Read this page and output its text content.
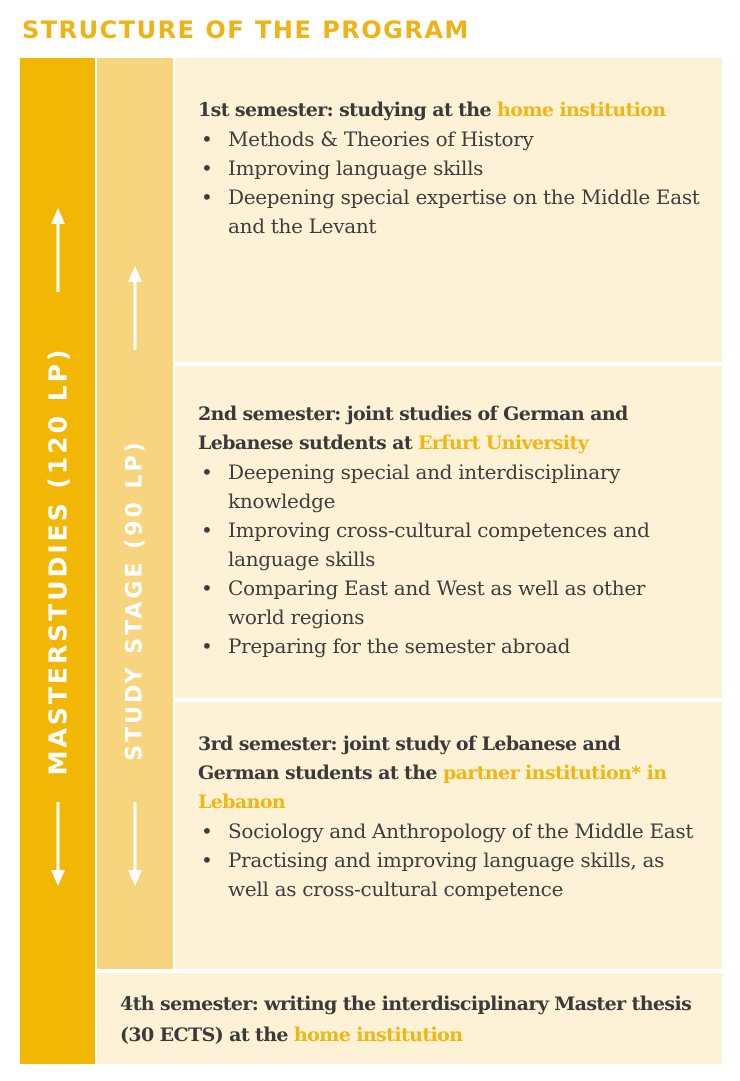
STRUCTURE OF THE PROGRAM
MASTERSTUDIES (120 LP) STUDY STAGE (90 LP)

1st semester: studying at the home institution

• Methods & Theories of History
• Improving language skills
• Deepening special expertise on the Middle East and the Levant

2nd semester: joint studies of German and Lebanese sutdents at Erfurt University

• Deepening special and interdisciplinary knowledge
• Improving cross-cultural competences and language skills
• Comparing East and West as well as other world regions
• Preparing for the semester abroad

3rd semester: joint study of Lebanese and German students at the partner institution* in Lebanon

• Sociology and Anthropology of the Middle East
• Practising and improving language skills, as well as cross-cultural competence

4th semester: writing the interdisciplinary Master thesis (30 ECTS) at the home institution
